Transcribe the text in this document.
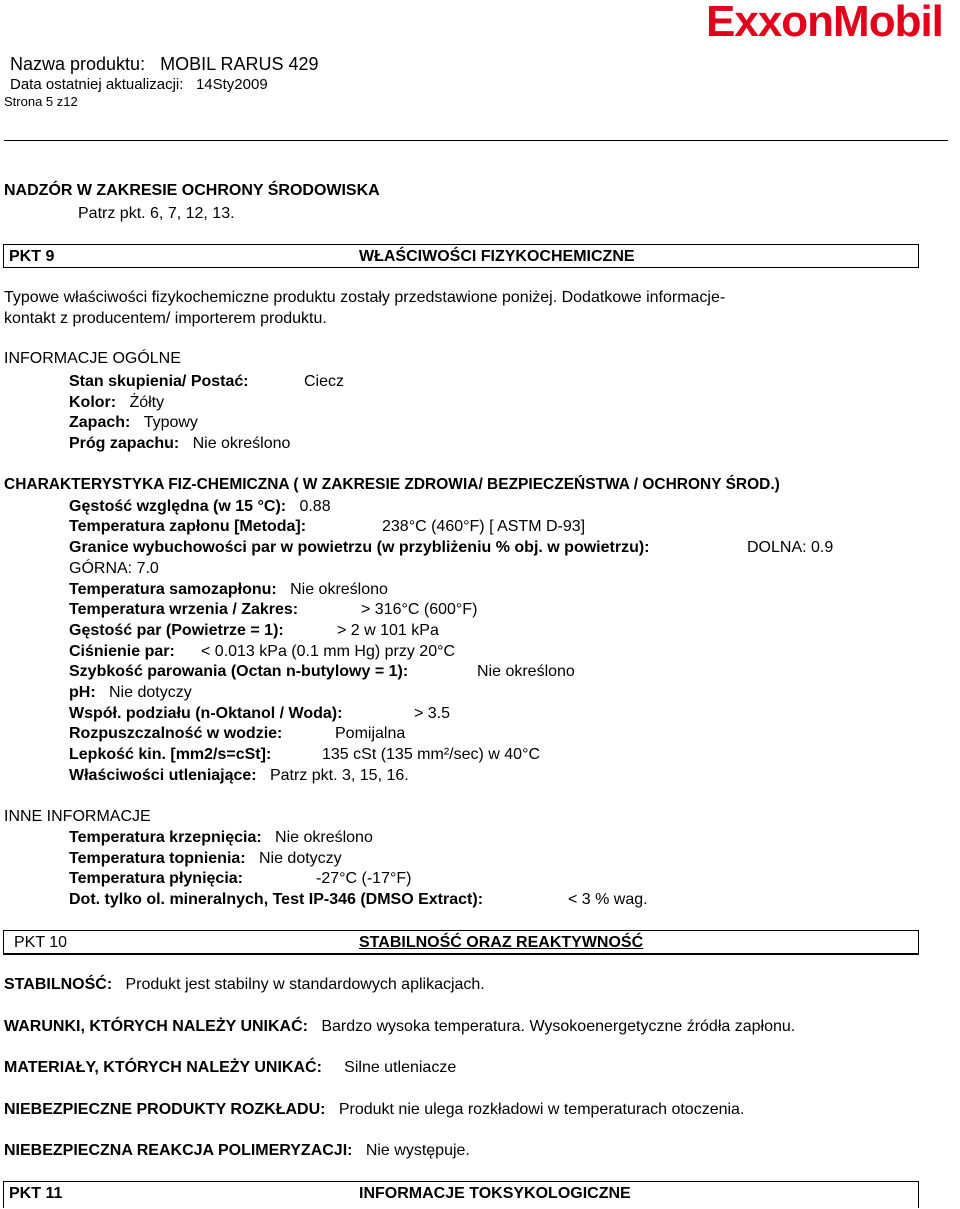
ExxonMobil
Nazwa produktu: MOBIL RARUS 429
Data ostatniej aktualizacji: 14Sty2009
Strona 5 z12
NADZÓR W ZAKRESIE OCHRONY ŚRODOWISKA
Patrz pkt. 6, 7, 12, 13.
PKT 9	WŁAŚCIWOŚCI FIZYKOCHEMICZNE
Typowe właściwości fizykochemiczne produktu zostały przedstawione poniżej. Dodatkowe informacje-
kontakt z producentem/ importerem produktu.
INFORMACJE OGÓLNE
Stan skupienia/ Postać:	Ciecz
Kolor: Żółty
Zapach: Typowy
Próg zapachu: Nie określono
CHARAKTERYSTYKA FIZ-CHEMICZNA ( W ZAKRESIE ZDROWIA/ BEZPIECZEŃSTWA / OCHRONY ŚROD.)
Gęstość względna (w 15 °C): 0.88
Temperatura zapłonu [Metoda]:	238°C (460°F) [ ASTM D-93]
Granice wybuchowości par w powietrzu (w przybliżeniu % obj. w powietrzu):	DOLNA: 0.9
GÓRNA: 7.0
Temperatura samozapłonu: Nie określono
Temperatura wrzenia / Zakres:	> 316°C (600°F)
Gęstość par (Powietrze = 1):	> 2 w 101 kPa
Ciśnienie par: < 0.013 kPa (0.1 mm Hg) przy 20°C
Szybkość parowania (Octan n-butylowy = 1):	Nie określono
pH: Nie dotyczy
Współ. podziału (n-Oktanol / Woda):	> 3.5
Rozpuszczalność w wodzie:	Pomijalna
Lepkość kin. [mm2/s=cSt]:	135 cSt (135 mm²/sec) w 40°C
Właściwości utleniające: Patrz pkt. 3, 15, 16.
INNE INFORMACJE
Temperatura krzepnięcia: Nie określono
Temperatura topnienia: Nie dotyczy
Temperatura płynięcia:	-27°C (-17°F)
Dot. tylko ol. mineralnych, Test IP-346 (DMSO Extract):	< 3 % wag.
PKT 10	STABILNOŚĆ ORAZ REAKTYWNOŚĆ
STABILNOŚĆ: Produkt jest stabilny w standardowych aplikacjach.
WARUNKI, KTÓRYCH NALEŻY UNIKAĆ: Bardzo wysoka temperatura. Wysokoenergetyczne źródła zapłonu.
MATERIAŁY, KTÓRYCH NALEŻY UNIKAĆ: Silne utleniacze
NIEBEZPIECZNE PRODUKTY ROZKŁADU: Produkt nie ulega rozkładowi w temperaturach otoczenia.
NIEBEZPIECZNA REAKCJA POLIMERYZACJI: Nie występuje.
PKT 11	INFORMACJE TOKSYKOLOGICZNE
